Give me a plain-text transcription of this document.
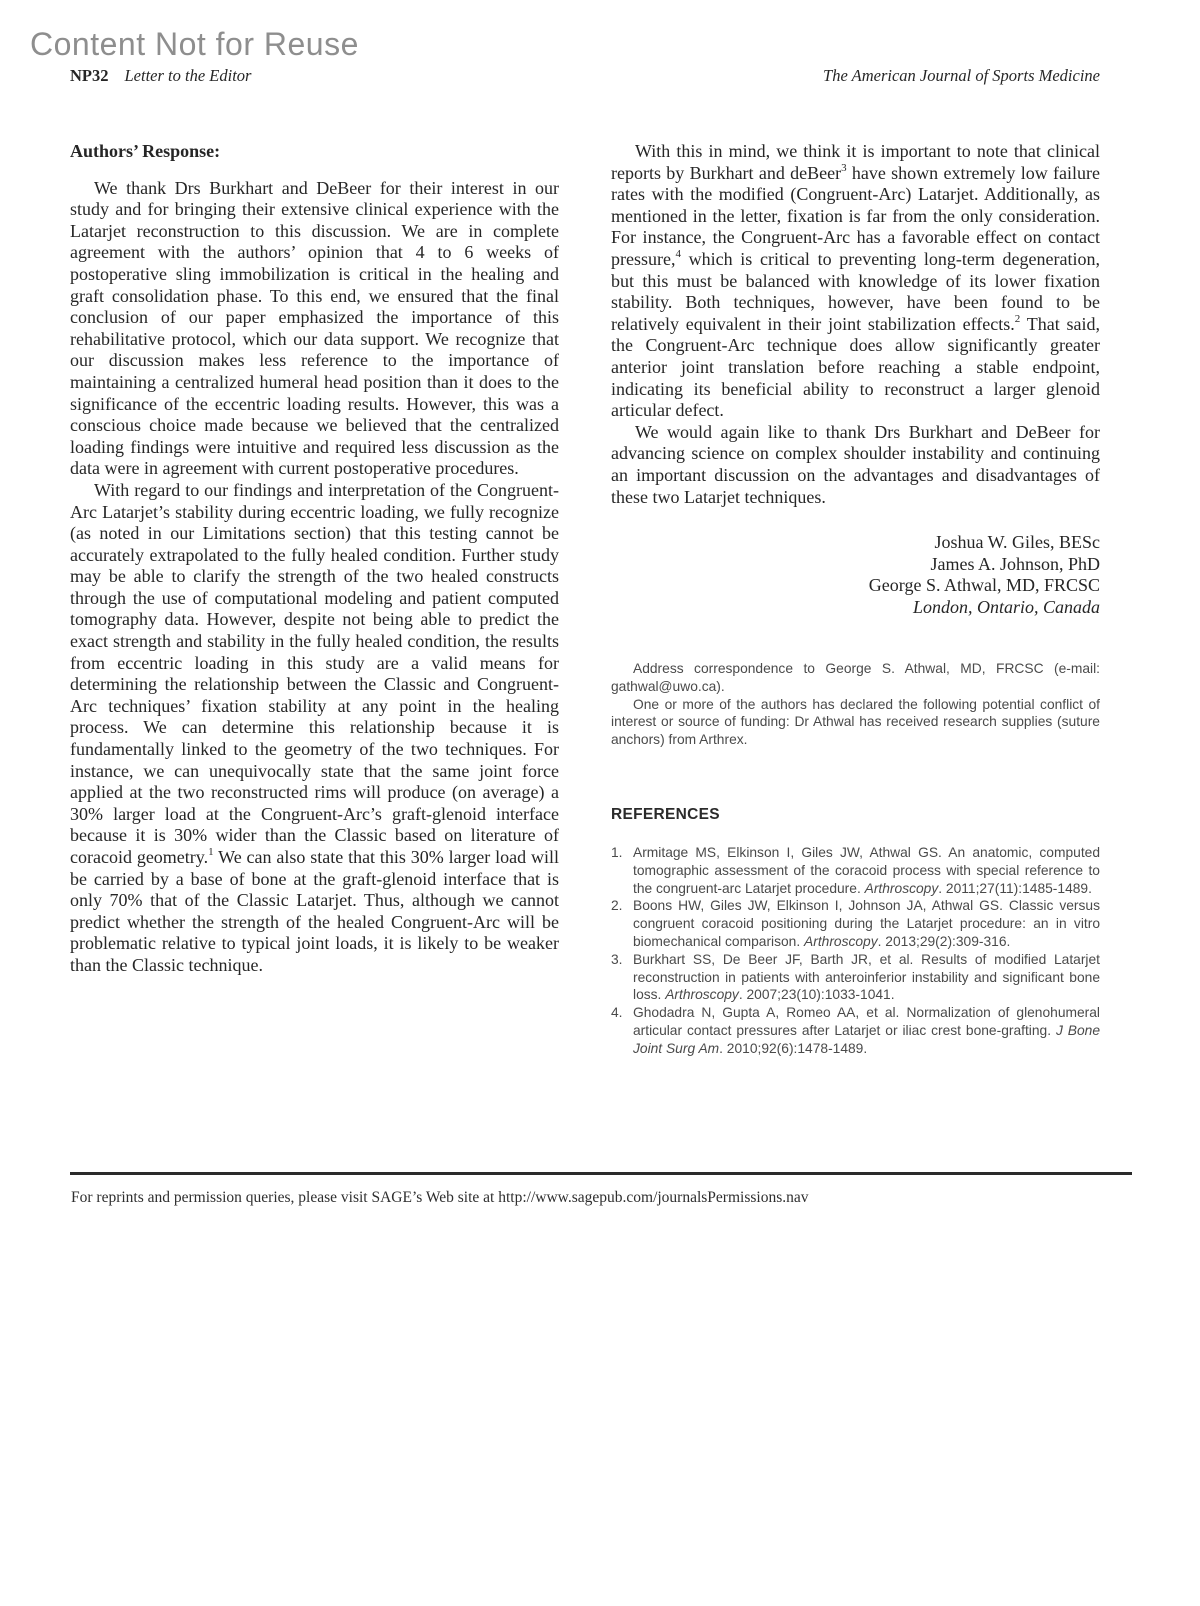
Content Not for Reuse
NP32 Letter to the Editor	The American Journal of Sports Medicine
Authors’ Response:

We thank Drs Burkhart and DeBeer for their interest in our study and for bringing their extensive clinical experience with the Latarjet reconstruction to this discussion. We are in complete agreement with the authors’ opinion that 4 to 6 weeks of postoperative sling immobilization is critical in the healing and graft consolidation phase. To this end, we ensured that the final conclusion of our paper emphasized the importance of this rehabilitative protocol, which our data support. We recognize that our discussion makes less reference to the importance of maintaining a centralized humeral head position than it does to the significance of the eccentric loading results. However, this was a conscious choice made because we believed that the centralized loading findings were intuitive and required less discussion as the data were in agreement with current postoperative procedures.

With regard to our findings and interpretation of the Congruent-Arc Latarjet’s stability during eccentric loading, we fully recognize (as noted in our Limitations section) that this testing cannot be accurately extrapolated to the fully healed condition. Further study may be able to clarify the strength of the two healed constructs through the use of computational modeling and patient computed tomography data. However, despite not being able to predict the exact strength and stability in the fully healed condition, the results from eccentric loading in this study are a valid means for determining the relationship between the Classic and Congruent-Arc techniques’ fixation stability at any point in the healing process. We can determine this relationship because it is fundamentally linked to the geometry of the two techniques. For instance, we can unequivocally state that the same joint force applied at the two reconstructed rims will produce (on average) a 30% larger load at the Congruent-Arc’s graft-glenoid interface because it is 30% wider than the Classic based on literature of coracoid geometry.$^1$ We can also state that this 30% larger load will be carried by a base of bone at the graft-glenoid interface that is only 70% that of the Classic Latarjet. Thus, although we cannot predict whether the strength of the healed Congruent-Arc will be problematic relative to typical joint loads, it is likely to be weaker than the Classic technique.

With this in mind, we think it is important to note that clinical reports by Burkhart and deBeer$^3$ have shown extremely low failure rates with the modified (Congruent-Arc) Latarjet. Additionally, as mentioned in the letter, fixation is far from the only consideration. For instance, the Congruent-Arc has a favorable effect on contact pressure,$^4$ which is critical to preventing long-term degeneration, but this must be balanced with knowledge of its lower fixation stability. Both techniques, however, have been found to be relatively equivalent in their joint stabilization effects.$^2$ That said, the Congruent-Arc technique does allow significantly greater anterior joint translation before reaching a stable endpoint, indicating its beneficial ability to reconstruct a larger glenoid articular defect.

We would again like to thank Drs Burkhart and DeBeer for advancing science on complex shoulder instability and continuing an important discussion on the advantages and disadvantages of these two Latarjet techniques.

Joshua W. Giles, BESc
James A. Johnson, PhD
George S. Athwal, MD, FRCSC
London, Ontario, Canada

Address correspondence to George S. Athwal, MD, FRCSC (e-mail: gathwal@uwo.ca).

One or more of the authors has declared the following potential conflict of interest or source of funding: Dr Athwal has received research supplies (suture anchors) from Arthrex.

REFERENCES
1. Armitage MS, Elkinson I, Giles JW, Athwal GS. An anatomic, computed tomographic assessment of the coracoid process with special reference to the congruent-arc Latarjet procedure. Arthroscopy. 2011;27(11):1485-1489.
2. Boons HW, Giles JW, Elkinson I, Johnson JA, Athwal GS. Classic versus congruent coracoid positioning during the Latarjet procedure: an in vitro biomechanical comparison. Arthroscopy. 2013;29(2):309-316.
3. Burkhart SS, De Beer JF, Barth JR, et al. Results of modified Latarjet reconstruction in patients with anteroinferior instability and significant bone loss. Arthroscopy. 2007;23(10):1033-1041.
4. Ghodadra N, Gupta A, Romeo AA, et al. Normalization of glenohumeral articular contact pressures after Latarjet or iliac crest bone-grafting. J Bone Joint Surg Am. 2010;92(6):1478-1489.
For reprints and permission queries, please visit SAGE’s Web site at http://www.sagepub.com/journalsPermissions.nav
